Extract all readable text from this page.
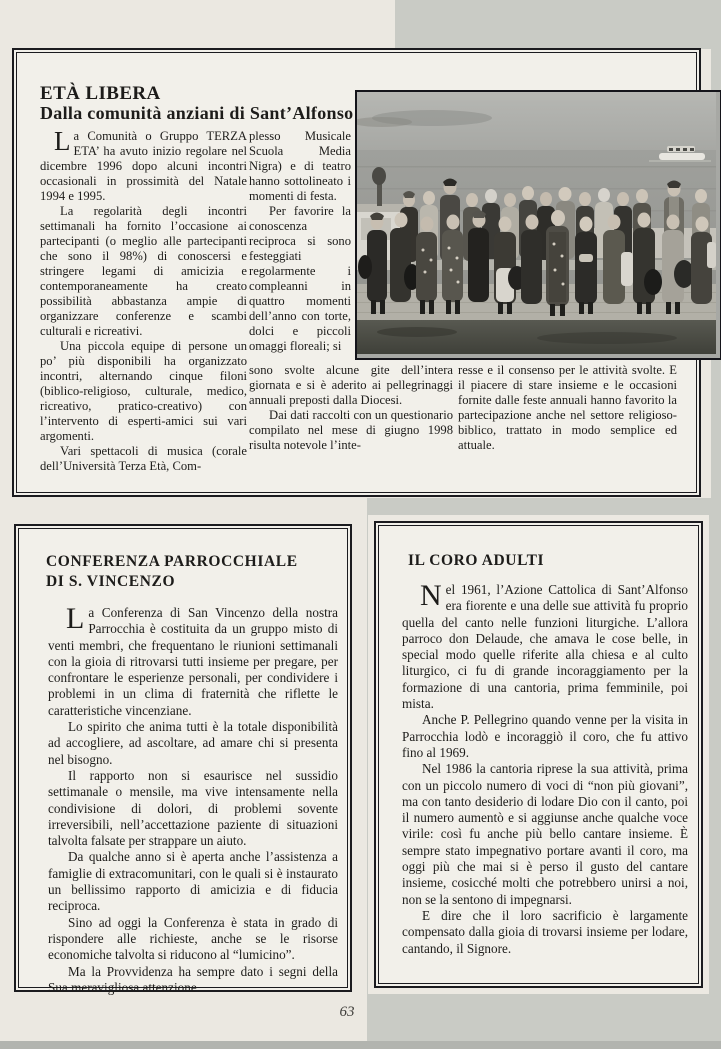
ETÀ LIBERA
Dalla comunità anziani di Sant’Alfonso

La Comunità o Gruppo TERZA ETA’ ha avuto inizio regolare nel dicembre 1996 dopo alcuni incontri occasionali in prossimità del Natale 1994 e 1995.

La regolarità degli incontri settimanali ha fornito l’occasione ai partecipanti (o meglio alle partecipanti che sono il 98%) di conoscersi e stringere legami di amicizia e contemporaneamente ha creato possibilità abbastanza ampie di organizzare conferenze e scambi culturali e ricreativi.

Una piccola equipe di persone un po’ più disponibili ha organizzato incontri, alternando cinque filoni (biblico-religioso, culturale, medico, ricreativo, pratico-creativo) con l’intervento di esperti-amici sui vari argomenti.

Vari spettacoli di musica (corale dell’Università Terza Età, Com-

plesso Musicale Scuola Media Nigra) e di teatro hanno sottolineato i momenti di festa.

Per favorire la conoscenza reciproca si sono festeggiati regolarmente i compleanni in quattro momenti dell’anno con torte, dolci e piccoli omaggi floreali; si

sono svolte alcune gite dell’intera giornata e si è aderito ai pellegrinaggi annuali preposti dalla Diocesi.

Dai dati raccolti con un questionario compilato nel mese di giugno 1998 risulta notevole l’inte-

resse e il consenso per le attività svolte. E il piacere di stare insieme e le occasioni fornite dalle feste annuali hanno favorito la partecipazione anche nel settore religioso-biblico, trattato in modo semplice ed attuale.

CONFERENZA PARROCCHIALE
DI S. VINCENZO

La Conferenza di San Vincenzo della nostra Parrocchia è costituita da un gruppo misto di venti membri, che frequentano le riunioni settimanali con la gioia di ritrovarsi tutti insieme per pregare, per confrontare le esperienze personali, per condividere i problemi in un clima di fraternità che riflette le caratteristiche vincenziane.

Lo spirito che anima tutti è la totale disponibilità ad accogliere, ad ascoltare, ad amare chi si presenta nel bisogno.

Il rapporto non si esaurisce nel sussidio settimanale o mensile, ma vive intensamente nella condivisione di dolori, di problemi sovente irreversibili, nell’accettazione paziente di situazioni talvolta falsate per strappare un aiuto.

Da qualche anno si è aperta anche l’assistenza a famiglie di extracomunitari, con le quali si è instaurato un bellissimo rapporto di amicizia e di fiducia reciproca.

Sino ad oggi la Conferenza è stata in grado di rispondere alle richieste, anche se le risorse economiche talvolta si riducono al “lumicino”.

Ma la Provvidenza ha sempre dato i segni della Sua meravigliosa attenzione.

IL CORO ADULTI

Nel 1961, l’Azione Cattolica di Sant’Alfonso era fiorente e una delle sue attività fu proprio quella del canto nelle funzioni liturgiche. L’allora parroco don Delaude, che amava le cose belle, in special modo quelle riferite alla chiesa e al culto liturgico, ci fu di grande incoraggiamento per la formazione di una cantoria, prima femminile, poi mista.

Anche P. Pellegrino quando venne per la visita in Parrocchia lodò e incoraggiò il coro, che fu attivo fino al 1969.

Nel 1986 la cantoria riprese la sua attività, prima con un piccolo numero di voci di “non più giovani”, ma con tanto desiderio di lodare Dio con il canto, poi il numero aumentò e si aggiunse anche qualche voce virile: così fu anche più bello cantare insieme. È sempre stato impegnativo portare avanti il coro, ma oggi più che mai si è perso il gusto del cantare insieme, cosicché molti che potrebbero unirsi a noi, non se la sentono di impegnarsi.

E dire che il loro sacrificio è largamente compensato dalla gioia di trovarsi insieme per lodare, cantando, il Signore.

63
